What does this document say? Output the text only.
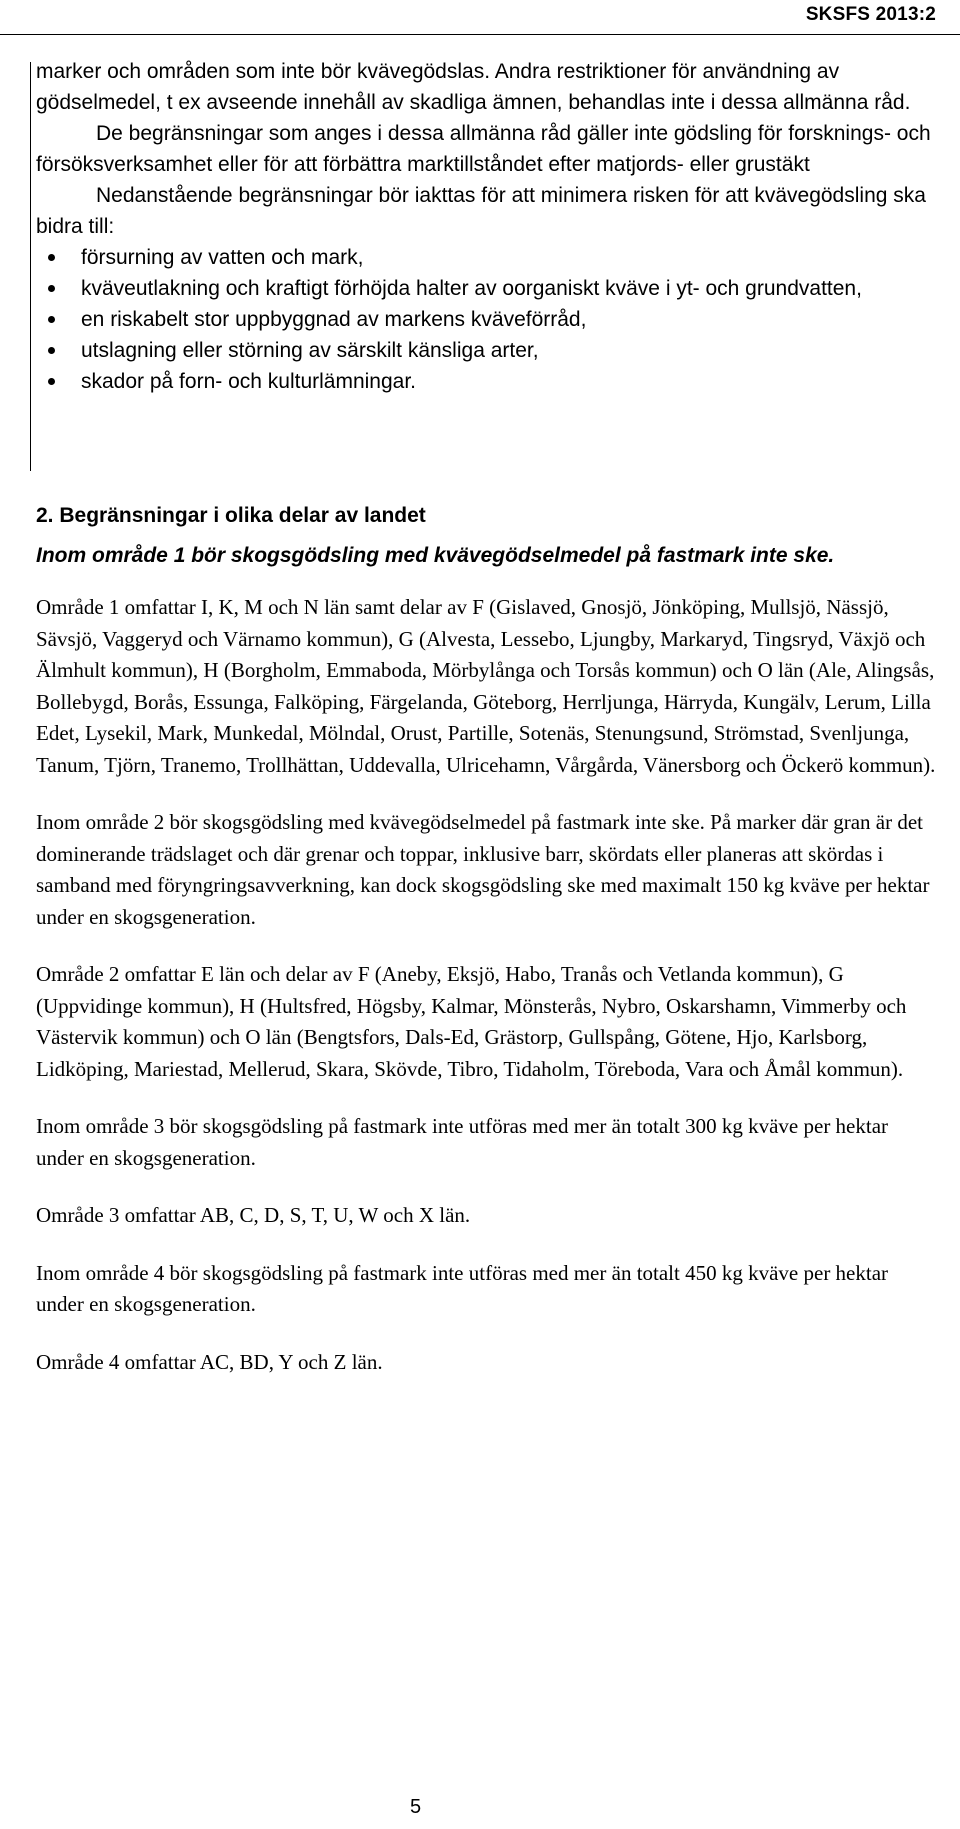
SKSFS 2013:2

marker och områden som inte bör kvävegödslas. Andra restriktioner för användning av gödselmedel, t ex avseende innehåll av skadliga ämnen, behandlas inte i dessa allmänna råd.

De begränsningar som anges i dessa allmänna råd gäller inte gödsling för forsknings- och försöksverksamhet eller för att förbättra marktillståndet efter matjords- eller grustäkt

Nedanstående begränsningar bör iakttas för att minimera risken för att kvävegödsling ska bidra till:

försurning av vatten och mark,
kväveutlakning och kraftigt förhöjda halter av oorganiskt kväve i yt- och grundvatten,
en riskabelt stor uppbyggnad av markens kväveförråd,
utslagning eller störning av särskilt känsliga arter,
skador på forn- och kulturlämningar.
2. Begränsningar i olika delar av landet

Inom område 1 bör skogsgödsling med kvävegödselmedel på fastmark inte ske.

Område 1 omfattar I, K, M och N län samt delar av F (Gislaved, Gnosjö, Jönköping, Mullsjö, Nässjö, Sävsjö, Vaggeryd och Värnamo kommun), G (Alvesta, Lessebo, Ljungby, Markaryd, Tingsryd, Växjö och Älmhult kommun), H (Borgholm, Emmaboda, Mörbylånga och Torsås kommun) och O län (Ale, Alingsås, Bollebygd, Borås, Essunga, Falköping, Färgelanda, Göteborg, Herrljunga, Härryda, Kungälv, Lerum, Lilla Edet, Lysekil, Mark, Munkedal, Mölndal, Orust, Partille, Sotenäs, Stenungsund, Strömstad, Svenljunga, Tanum, Tjörn, Tranemo, Trollhättan, Uddevalla, Ulricehamn, Vårgårda, Vänersborg och Öckerö kommun).

Inom område 2 bör skogsgödsling med kvävegödselmedel på fastmark inte ske. På marker där gran är det dominerande trädslaget och där grenar och toppar, inklusive barr, skördats eller planeras att skördas i samband med föryngringsavverkning, kan dock skogsgödsling ske med maximalt 150 kg kväve per hektar under en skogsgeneration.

Område 2 omfattar E län och delar av F (Aneby, Eksjö, Habo, Tranås och Vetlanda kommun), G (Uppvidinge kommun), H (Hultsfred, Högsby, Kalmar, Mönsterås, Nybro, Oskarshamn, Vimmerby och Västervik kommun) och O län (Bengtsfors, Dals-Ed, Grästorp, Gullspång, Götene, Hjo, Karlsborg, Lidköping, Mariestad, Mellerud, Skara, Skövde, Tibro, Tidaholm, Töreboda, Vara och Åmål kommun).

Inom område 3 bör skogsgödsling på fastmark inte utföras med mer än totalt 300 kg kväve per hektar under en skogsgeneration.

Område 3 omfattar AB, C, D, S, T, U, W och X län.

Inom område 4 bör skogsgödsling på fastmark inte utföras med mer än totalt 450 kg kväve per hektar under en skogsgeneration.

Område 4 omfattar AC, BD, Y och Z län.

5
